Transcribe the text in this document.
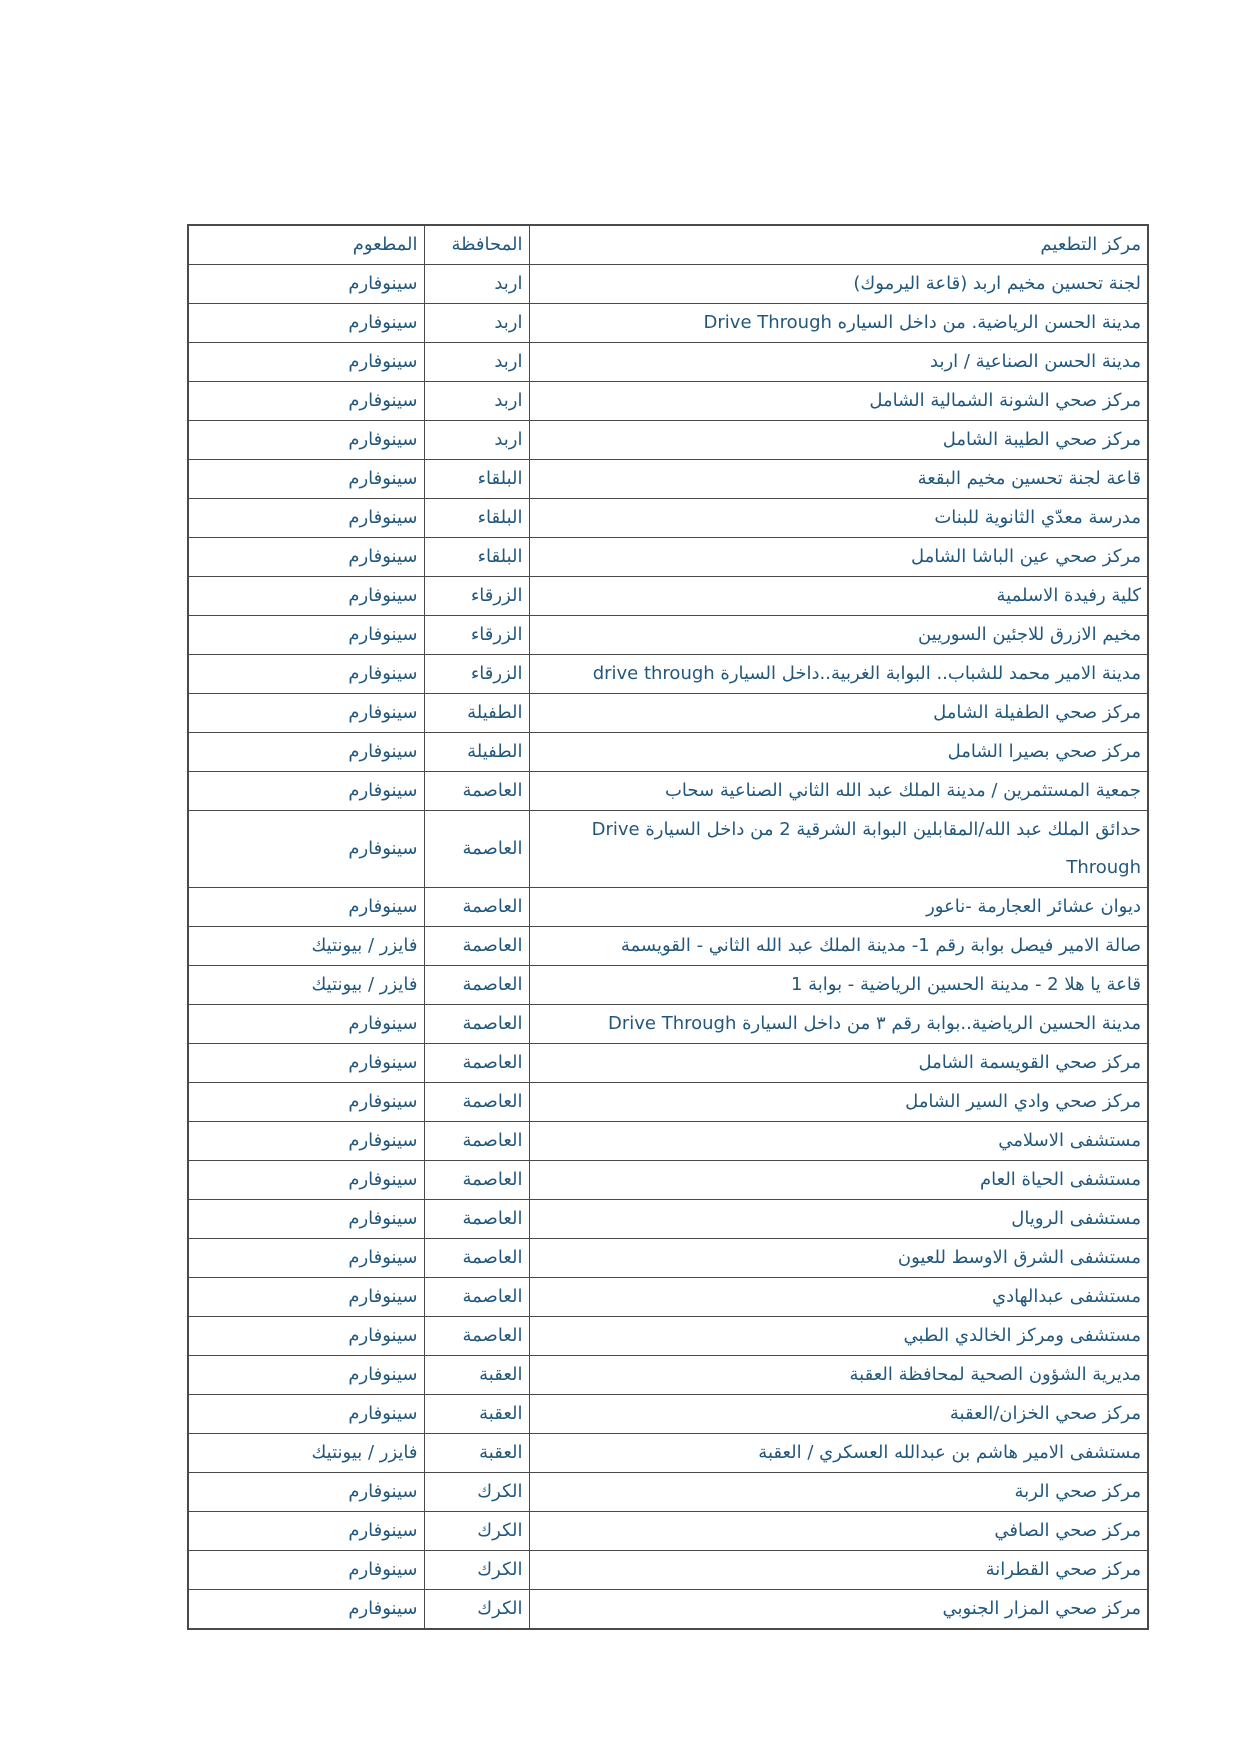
مركز التطعيم	المحافظة	المطعوم
لجنة تحسين مخيم اربد (قاعة اليرموك)	اربد	سينوفارم
مدينة الحسن الرياضية. من داخل السياره Drive Through	اربد	سينوفارم
مدينة الحسن الصناعية / اربد	اربد	سينوفارم
مركز صحي الشونة الشمالية الشامل	اربد	سينوفارم
مركز صحي الطيبة الشامل	اربد	سينوفارم
قاعة لجنة تحسين مخيم البقعة	البلقاء	سينوفارم
مدرسة معدّي الثانوية للبنات	البلقاء	سينوفارم
مركز صحي عين الباشا الشامل	البلقاء	سينوفارم
كلية رفيدة الاسلمية	الزرقاء	سينوفارم
مخيم الازرق للاجئين السوريين	الزرقاء	سينوفارم
مدينة الامير محمد للشباب.. البوابة الغربية..داخل السيارة drive through	الزرقاء	سينوفارم
مركز صحي الطفيلة الشامل	الطفيلة	سينوفارم
مركز صحي بصيرا الشامل	الطفيلة	سينوفارم
جمعية المستثمرين / مدينة الملك عبد الله الثاني الصناعية سحاب	العاصمة	سينوفارم
حدائق الملك عبد الله/المقابلين البوابة الشرقية 2 من داخل السيارة Drive Through	العاصمة	سينوفارم
ديوان عشائر العجارمة -ناعور	العاصمة	سينوفارم
صالة الامير فيصل بوابة رقم 1- مدينة الملك عبد الله الثاني - القويسمة	العاصمة	فايزر / بيونتيك
قاعة يا هلا 2 - مدينة الحسين الرياضية - بوابة 1	العاصمة	فايزر / بيونتيك
مدينة الحسين الرياضية..بوابة رقم ٣ من داخل السيارة Drive Through	العاصمة	سينوفارم
مركز صحي القويسمة الشامل	العاصمة	سينوفارم
مركز صحي وادي السير الشامل	العاصمة	سينوفارم
مستشفى الاسلامي	العاصمة	سينوفارم
مستشفى الحياة العام	العاصمة	سينوفارم
مستشفى الرويال	العاصمة	سينوفارم
مستشفى الشرق الاوسط للعيون	العاصمة	سينوفارم
مستشفى عبدالهادي	العاصمة	سينوفارم
مستشفى ومركز الخالدي الطبي	العاصمة	سينوفارم
مديرية الشؤون الصحية لمحافظة العقبة	العقبة	سينوفارم
مركز صحي الخزان/العقبة	العقبة	سينوفارم
مستشفى الامير هاشم بن عبدالله العسكري / العقبة	العقبة	فايزر / بيونتيك
مركز صحي الربة	الكرك	سينوفارم
مركز صحي الصافي	الكرك	سينوفارم
مركز صحي القطرانة	الكرك	سينوفارم
مركز صحي المزار الجنوبي	الكرك	سينوفارم
